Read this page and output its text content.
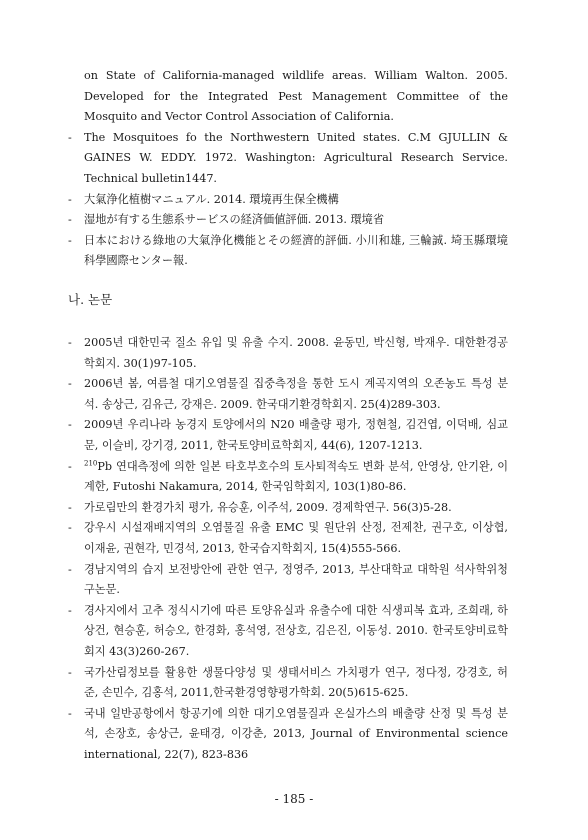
on State of California-managed wildlife areas. William Walton. 2005. Developed for the Integrated Pest Management Committee of the Mosquito and Vector Control Association of California.
- The Mosquitoes fo the Northwestern United states. C.M GJULLIN & GAINES W. EDDY. 1972. Washington: Agricultural Research Service. Technical bulletin1447.
- 大氣浄化植樹マニュアル. 2014. 環境再生保全機構
- 湿地が有する生態系サービスの経済価値評価. 2013. 環境省
- 日本における綠地の大氣浄化機能とその經濟的評価. 小川和雄, 三輪誠. 埼玉縣環境科學國際センター報.
나. 논문
- 2005년 대한민국 질소 유입 및 유출 수지. 2008. 윤동민, 박신형, 박재우. 대한환경공학회지. 30(1)97-105.
- 2006년 봄, 여름철 대기오염물질 집중측정을 통한 도시 계곡지역의 오존농도 특성 분석. 송상근, 김유근, 강재은. 2009. 한국대기환경학회지. 25(4)289-303.
- 2009년 우리나라 농경지 토양에서의 N20 배출량 평가, 정현철, 김건엽, 이덕배, 심교문, 이슬비, 강기경, 2011, 한국토양비료학회지, 44(6), 1207-1213.
- $^{210}$Pb 연대측정에 의한 일본 타호부호수의 토사퇴적속도 변화 분석, 안영상, 안기완, 이계한, Futoshi Nakamura, 2014, 한국임학회지, 103(1)80-86.
- 가로림만의 환경가치 평가, 유승훈, 이주석, 2009. 경제학연구. 56(3)5-28.
- 강우시 시설재배지역의 오염물질 유출 EMC 및 원단위 산정, 전제찬, 권구호, 이상협, 이재윤, 권현각, 민경석, 2013, 한국습지학회지, 15(4)555-566.
- 경남지역의 습지 보전방안에 관한 연구, 정영주, 2013, 부산대학교 대학원 석사학위청구논문.
- 경사지에서 고추 정식시기에 따른 토양유실과 유출수에 대한 식생피복 효과, 조희래, 하상건, 현승훈, 허승오, 한경화, 홍석영, 전상호, 김은진, 이동성. 2010. 한국토양비료학회지 43(3)260-267.
- 국가산림정보를 활용한 생물다양성 및 생태서비스 가치평가 연구, 정다정, 강경호, 허준, 손민수, 김홍석, 2011,한국환경영향평가학회. 20(5)615-625.
- 국내 일반공항에서 항공기에 의한 대기오염물질과 온실가스의 배출량 산정 및 특성 분석, 손장호, 송상근, 윤태경, 이강춘, 2013, Journal of Environmental science international, 22(7), 823-836
- 185 -
